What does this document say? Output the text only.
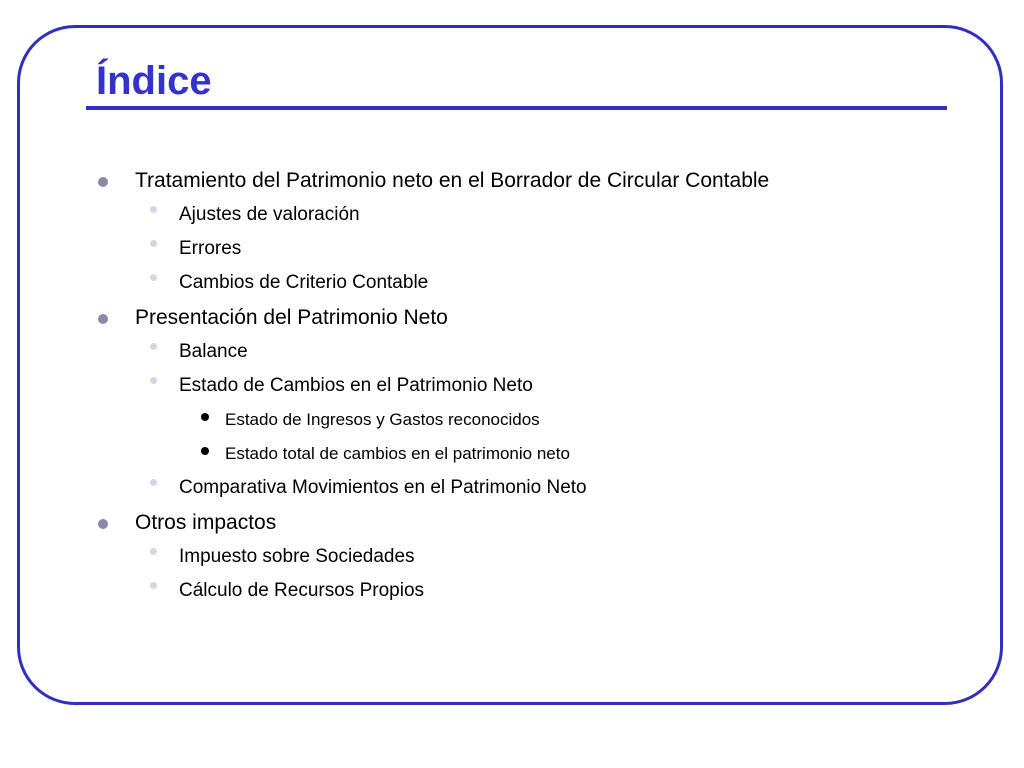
Índice
Tratamiento del Patrimonio neto en el Borrador de Circular Contable
Ajustes de valoración
Errores
Cambios de Criterio Contable
Presentación del Patrimonio Neto
Balance
Estado de Cambios en el Patrimonio Neto
Estado de Ingresos y Gastos reconocidos
Estado total de cambios en el patrimonio neto
Comparativa Movimientos en el Patrimonio Neto
Otros impactos
Impuesto sobre Sociedades
Cálculo de Recursos Propios
